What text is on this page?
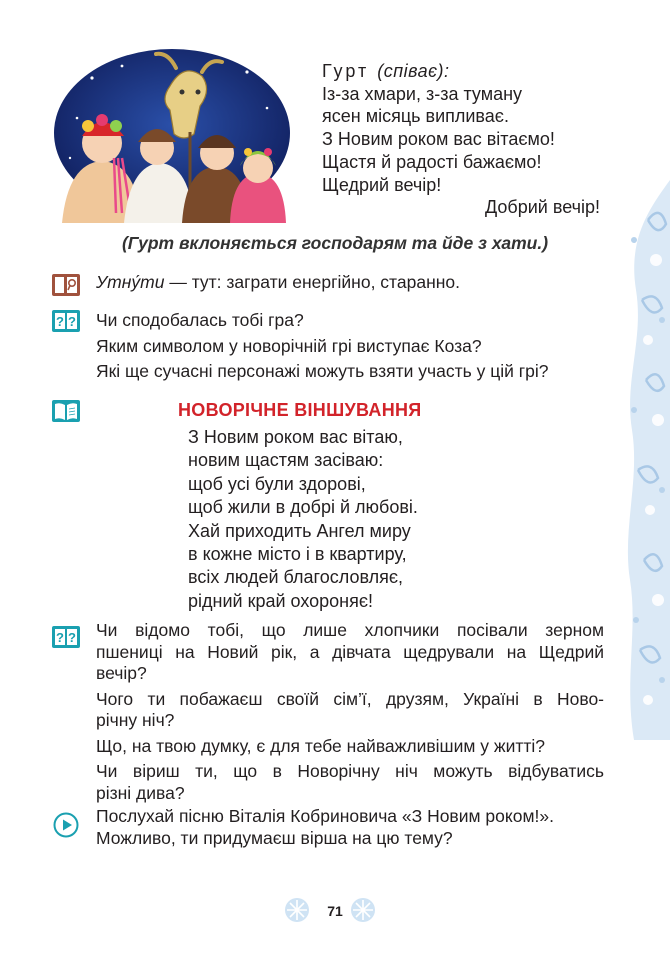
Гурт (співає):
Із-за хмари, з-за туману
ясен місяць випливає.
З Новим роком вас вітаємо!
Щастя й радості бажаємо!
Щедрий вечір!
Добрий вечір!
(Гурт вклоняється господарям та йде з хати.)

Утну́ти — тут: заграти енергійно, старанно.

? ? Чи сподобалась тобі гра?

Яким символом у новорічній грі виступає Коза?

Які ще сучасні персонажі можуть взяти участь у цій грі?

НОВОРІЧНЕ ВІНШУВАННЯ
З Новим роком вас вітаю,
новим щастям засіваю:
щоб усі були здорові,
щоб жили в добрі й любові.
Хай приходить Ангел миру
в кожне місто і в квартиру,
всіх людей благословляє,
рідний край охороняє!
? ? Чи відомо тобі, що лише хлопчики посівали зерном
пшениці на Новий рік, а дівчата щедрували на Щедрий
вечір?

Чого ти побажаєш своїй сім’ї, друзям, Україні в Ново-
річну ніч?

Що, на твою думку, є для тебе найважливішим у житті?

Чи віриш ти, що в Новорічну ніч можуть відбуватись
різні дива?

Послухай пісню Віталія Кобриновича «З Новим роком!».
Можливо, ти придумаєш вірша на цю тему?

71
